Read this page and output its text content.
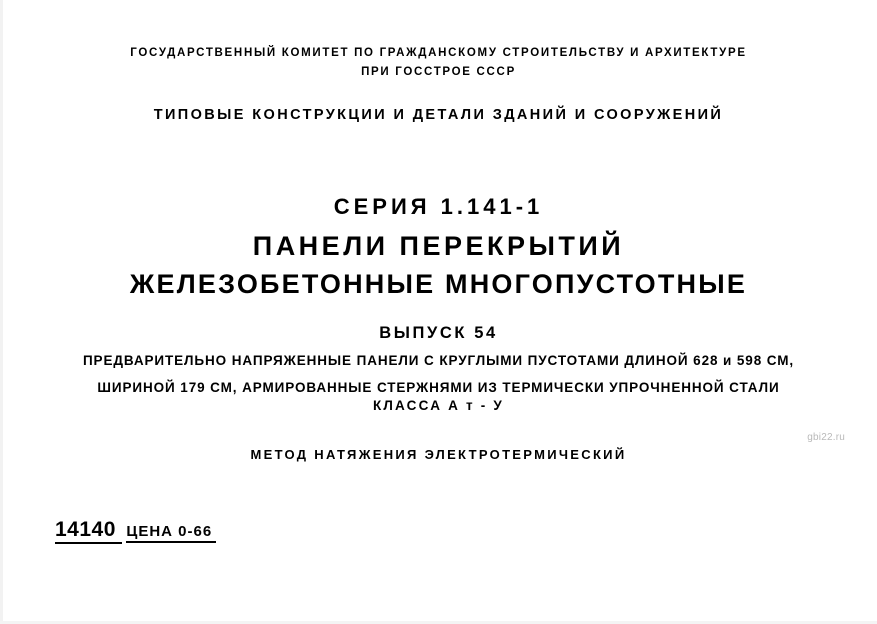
ГОСУДАРСТВЕННЫЙ КОМИТЕТ ПО ГРАЖДАНСКОМУ СТРОИТЕЛЬСТВУ И АРХИТЕКТУРЕ
ПРИ ГОССТРОЕ СССР
ТИПОВЫЕ КОНСТРУКЦИИ И ДЕТАЛИ ЗДАНИЙ И СООРУЖЕНИЙ
СЕРИЯ 1.141-1
ПАНЕЛИ ПЕРЕКРЫТИЙ
ЖЕЛЕЗОБЕТОННЫЕ МНОГОПУСТОТНЫЕ
ВЫПУСК 54
ПРЕДВАРИТЕЛЬНО НАПРЯЖЕННЫЕ ПАНЕЛИ С КРУГЛЫМИ ПУСТОТАМИ ДЛИНОЙ 628 и 598 СМ,
ШИРИНОЙ 179 СМ, АРМИРОВАННЫЕ СТЕРЖНЯМИ ИЗ ТЕРМИЧЕСКИ УПРОЧНЕННОЙ СТАЛИ
КЛАССА А т - У
МЕТОД НАТЯЖЕНИЯ ЭЛЕКТРОТЕРМИЧЕСКИЙ
gbi22.ru
14140 ЦЕНА 0-66
